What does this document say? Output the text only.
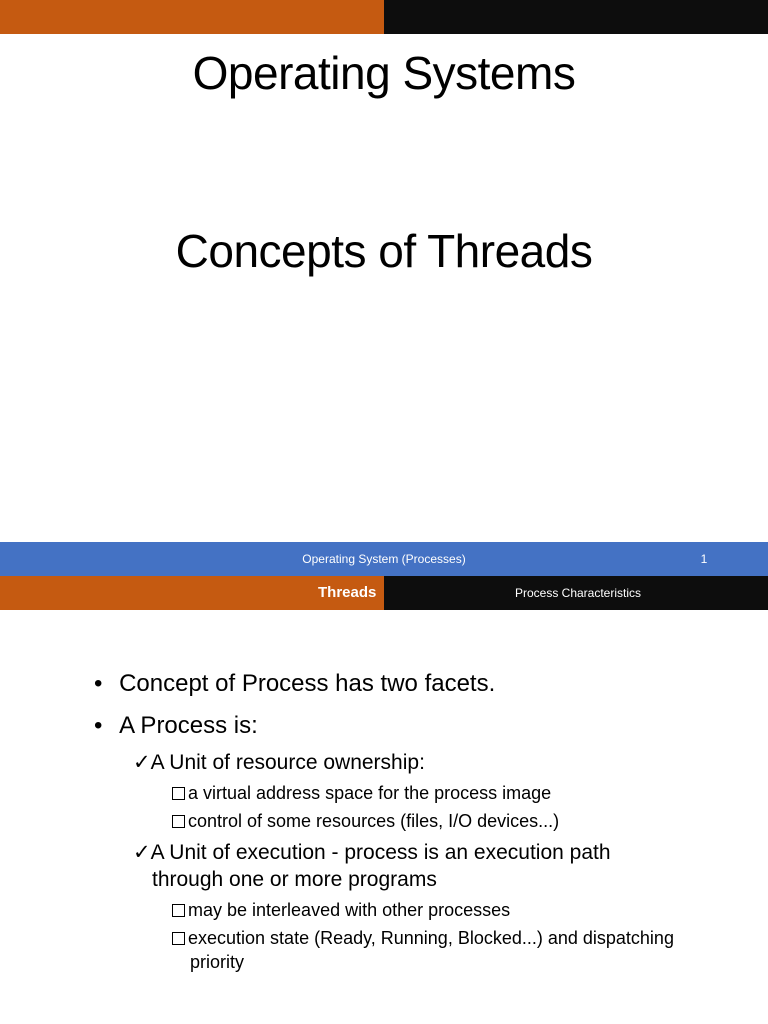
Operating Systems
Concepts of Threads
Operating System (Processes)	1
Threads	Process Characteristics
• Concept of Process has two facets.
• A Process is:
✓A Unit of resource ownership:
a virtual address space for the process image
control of some resources (files, I/O devices...)
✓A Unit of execution - process is an execution path
through one or more programs
may be interleaved with other processes
execution state (Ready, Running, Blocked...) and dispatching
priority
